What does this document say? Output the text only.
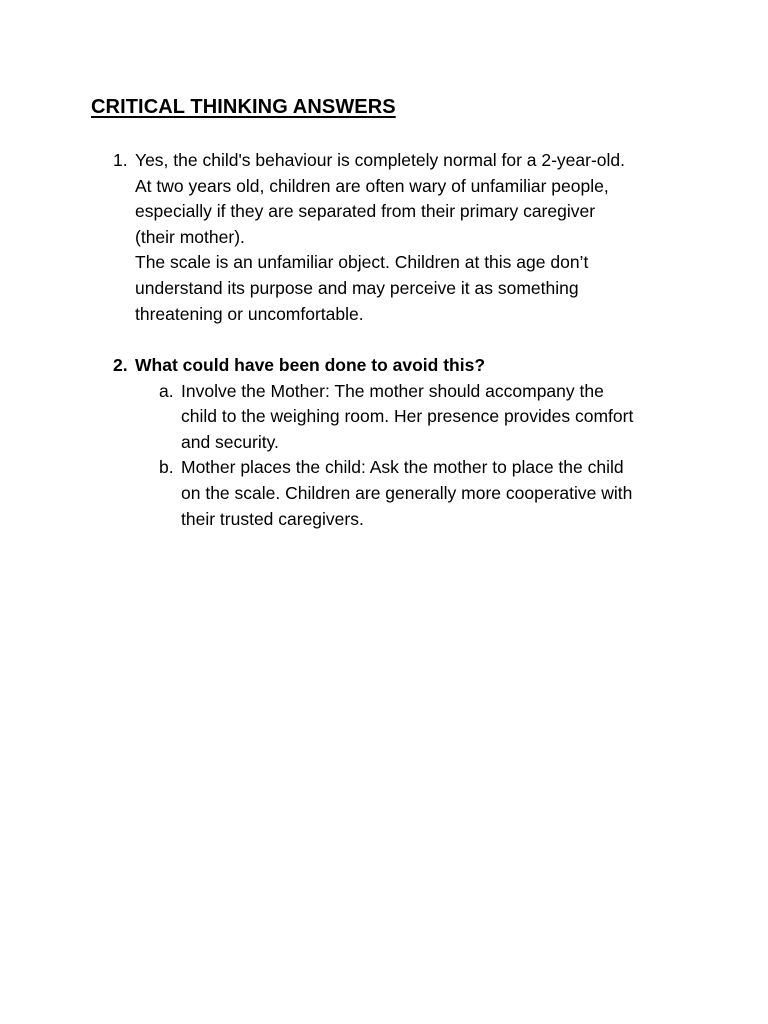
CRITICAL THINKING ANSWERS
1. Yes, the child's behaviour is completely normal for a 2-year-old.
At two years old, children are often wary of unfamiliar people,
especially if they are separated from their primary caregiver
(their mother).
The scale is an unfamiliar object. Children at this age don’t
understand its purpose and may perceive it as something
threatening or uncomfortable.
2. What could have been done to avoid this?
a. Involve the Mother: The mother should accompany the
child to the weighing room. Her presence provides comfort
and security.
b. Mother places the child: Ask the mother to place the child
on the scale. Children are generally more cooperative with
their trusted caregivers.
